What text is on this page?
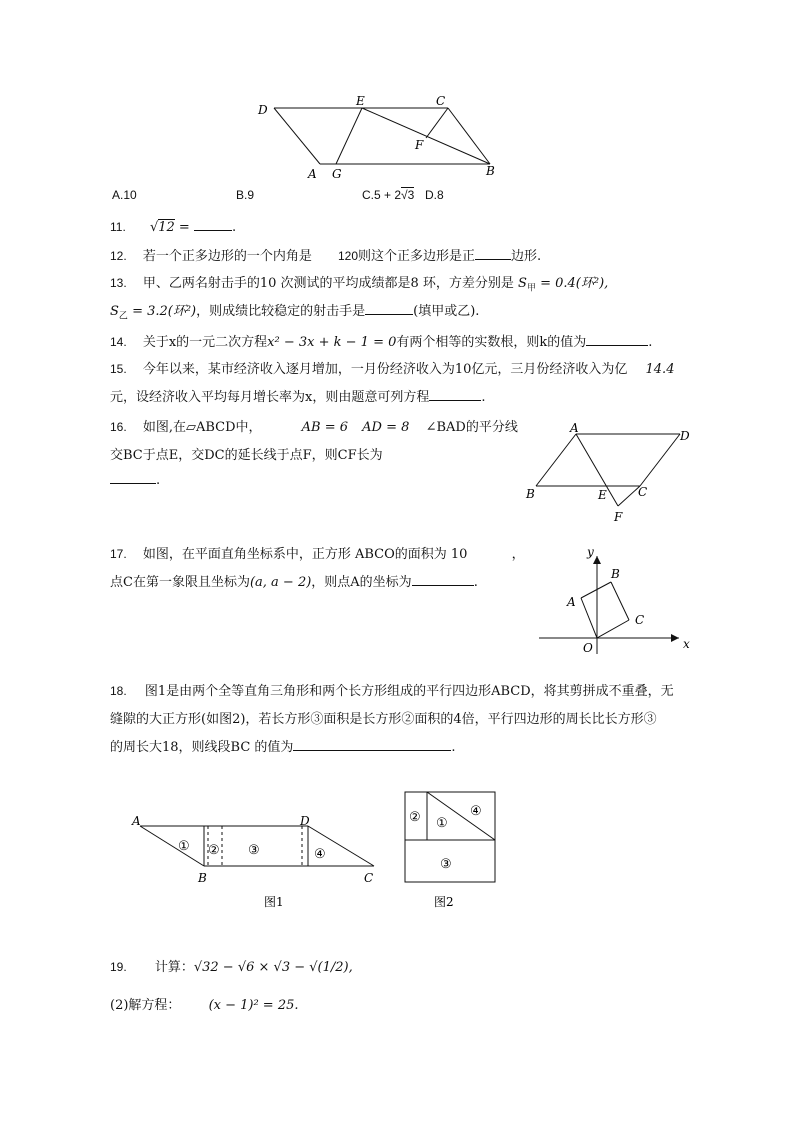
D
E	C
F
A G	B
A.10	B.9	C.5 + 2√3 D.8
11. √12 =	.
12. 若一个正多边形的一个内角是 120则这个正多边形是正	边形.
13. 甲、乙两名射击手的10 次测试的平均成绩都是8 环，方差分别是 $S_甲 = 0.4$(环²),
$S_乙 = 3.2$(环²)，则成绩比较稳定的射击手是	(填甲或乙).
14. 关于x的一元二次方程x² − 3x + k − 1 = 0有两个相等的实数根，则k的值为	.
15. 今年以来，某市经济收入逐月增加，一月份经济收入为10亿元，三月份经济收入为亿 14.4
元，设经济收入平均每月增长率为x，则由题意可列方程	.
16. 如图,在▱ABCD中，	AB = 6 AD = 8 ∠BAD的平分线
交BC于点E，交DC的延长线于点F，则CF长为
.
A
D
B	E	C
F
17. 如图，在平面直角坐标系中，正方形 ABCO的面积为 10	，
点C在第一象限且坐标为(a, a − 2)，则点A的坐标为	.
y
x
A
B
C
O
18. 图1是由两个全等直角三角形和两个长方形组成的平行四边形ABCD，将其剪拼成不重叠，无
缝隙的大正方形(如图2)，若长方形③面积是长方形②面积的4倍，平行四边形的周长比长方形③
的周长大18，则线段BC 的值为	.
A	D
B	C
① ② ③	④
图1
② ①
④
③
图2
19. 计算：√32 − √6 × √3 − √(1/2),
(2)解方程： (x − 1)² = 25.
